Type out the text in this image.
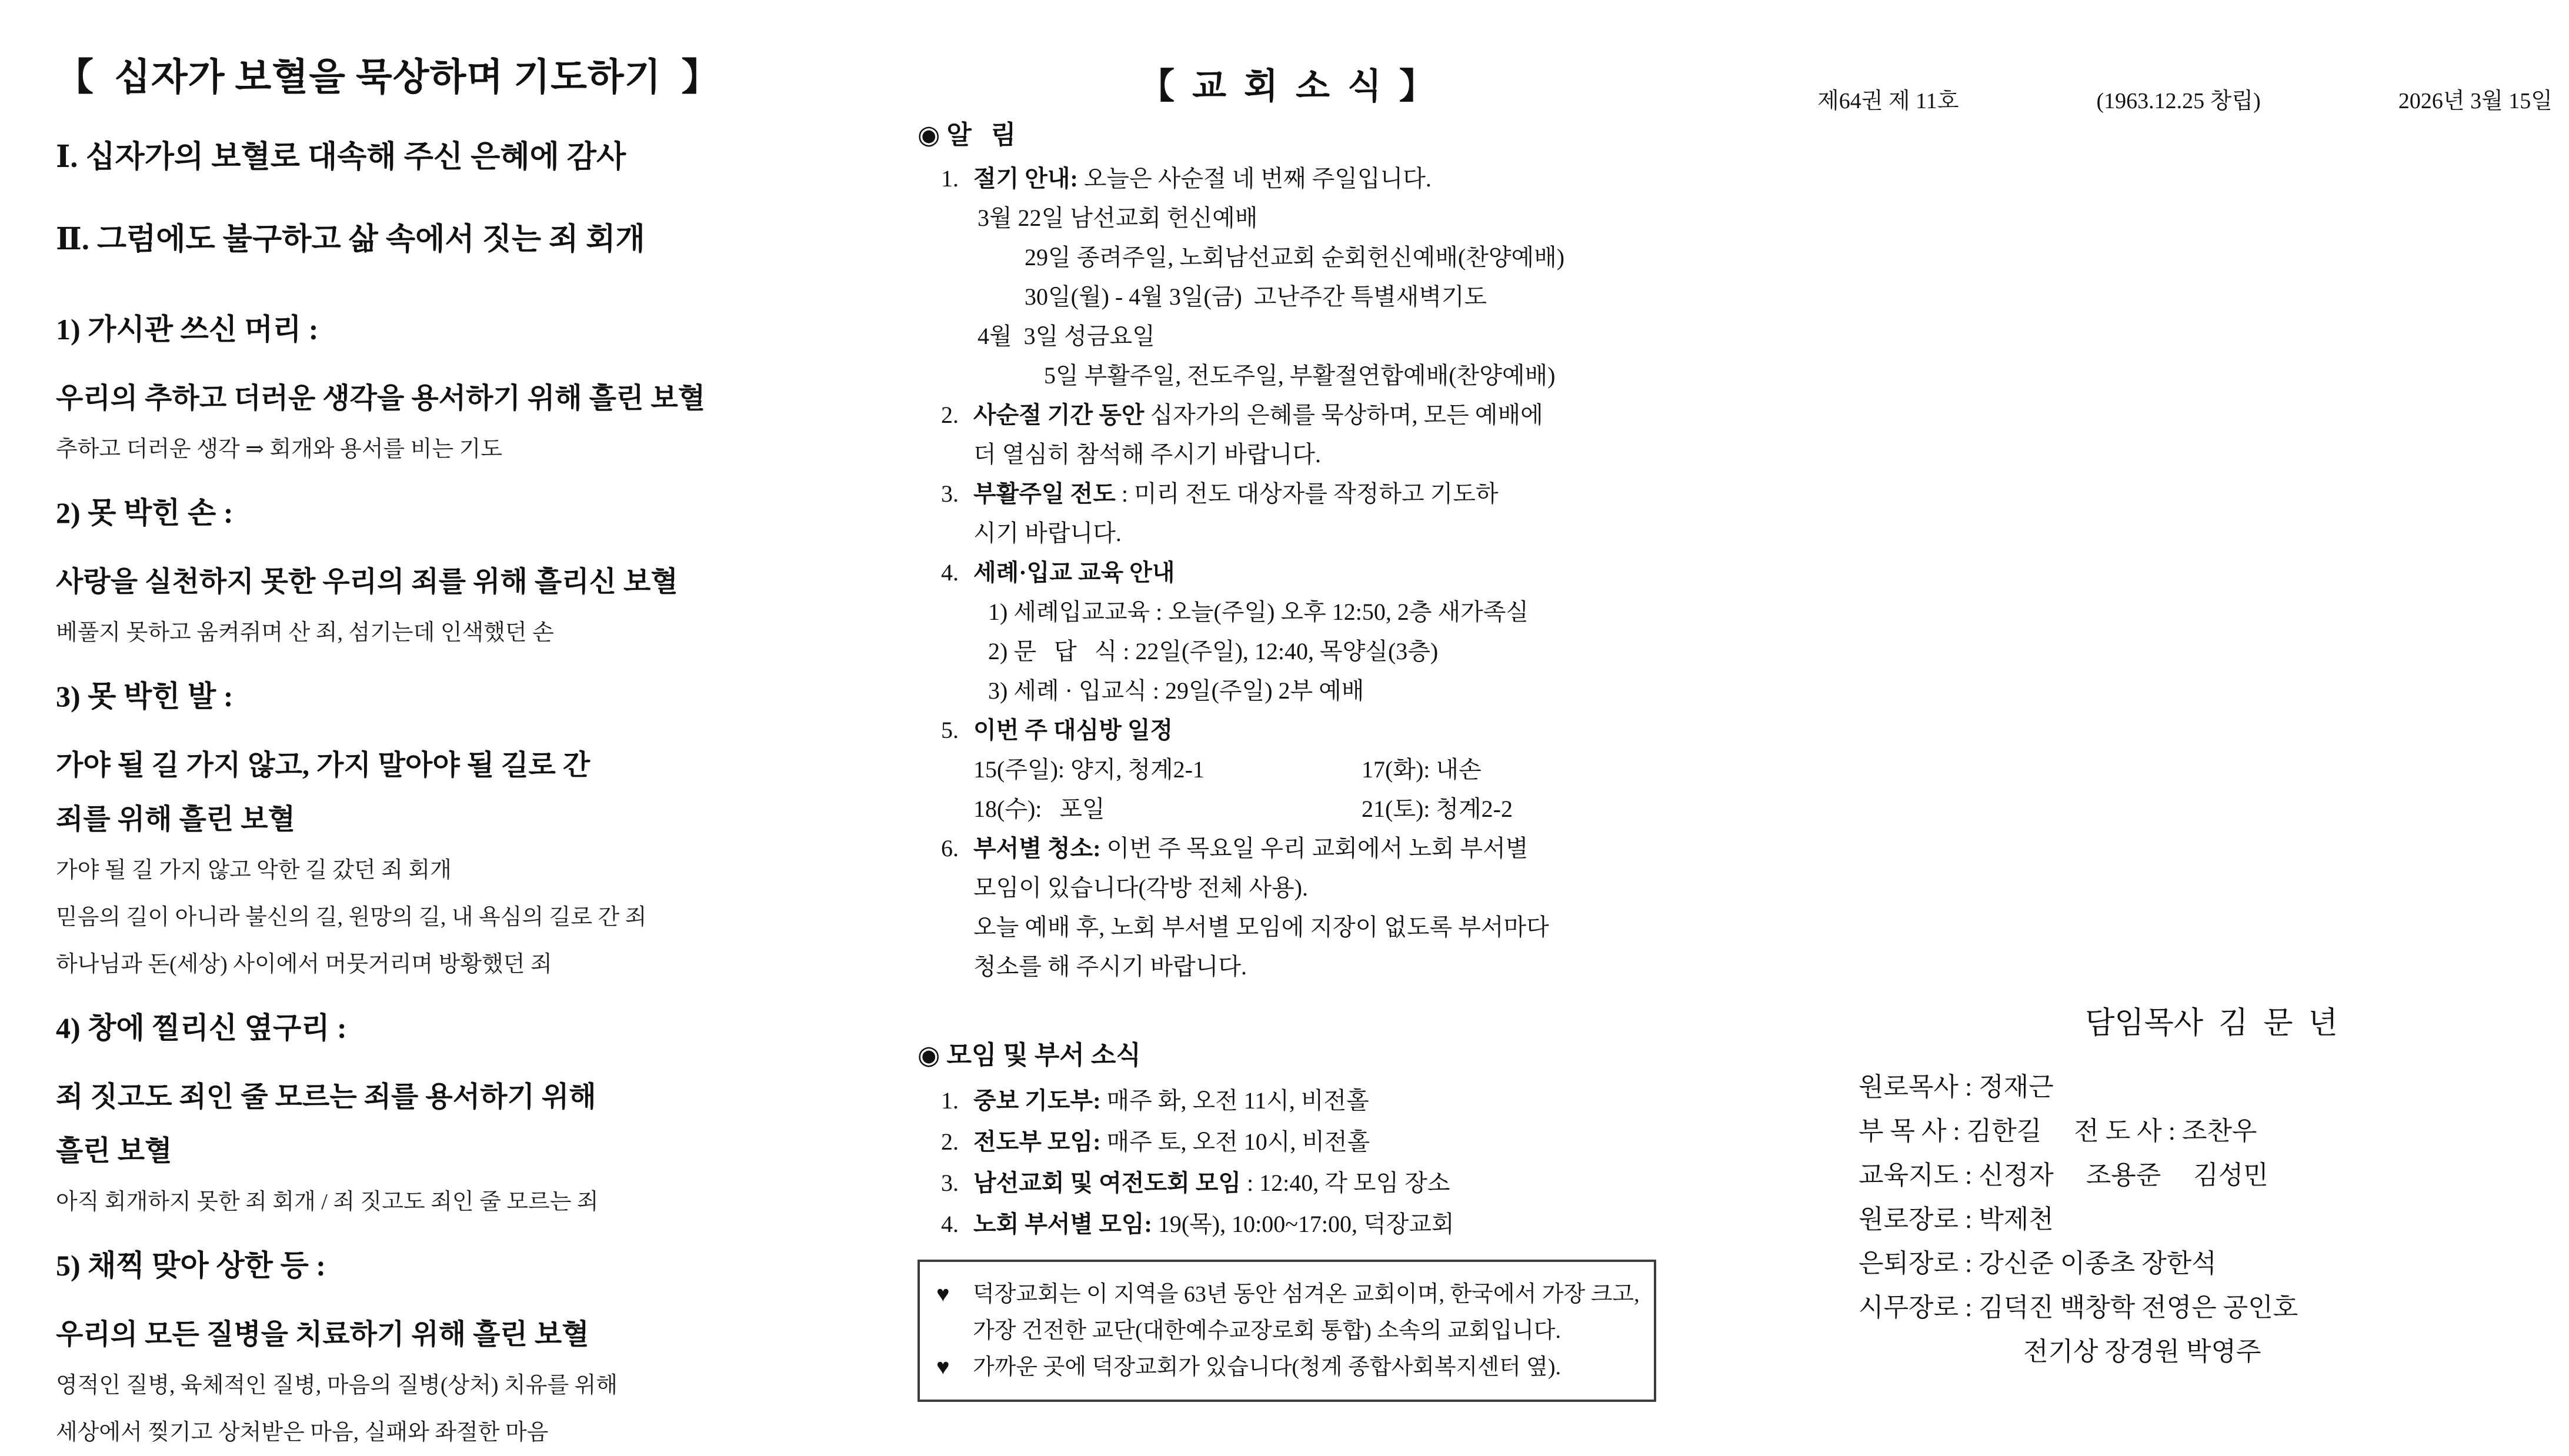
【  십자가 보혈을 묵상하며 기도하기  】
Ⅰ. 십자가의 보혈로 대속해 주신 은혜에 감사
Ⅱ. 그럼에도 불구하고 삶 속에서 짓는 죄 회개
1) 가시관 쓰신 머리 :
우리의 추하고 더러운 생각을 용서하기 위해 흘린 보혈
추하고 더러운 생각 ⇒ 회개와 용서를 비는 기도
2) 못 박힌 손 :
사랑을 실천하지 못한 우리의 죄를 위해 흘리신 보혈
베풀지 못하고 움켜쥐며 산 죄, 섬기는데 인색했던 손
3) 못 박힌 발 :
가야 될 길 가지 않고, 가지 말아야 될 길로 간
죄를 위해 흘린 보혈
가야 될 길 가지 않고 악한 길 갔던 죄 회개
믿음의 길이 아니라 불신의 길, 원망의 길, 내 욕심의 길로 간 죄
하나님과 돈(세상) 사이에서 머뭇거리며 방황했던 죄
4) 창에 찔리신 옆구리 :
죄 짓고도 죄인 줄 모르는 죄를 용서하기 위해
흘린 보혈
아직 회개하지 못한 죄 회개 / 죄 짓고도 죄인 줄 모르는 죄
5) 채찍 맞아 상한 등 :
우리의 모든 질병을 치료하기 위해 흘린 보혈
영적인 질병, 육체적인 질병, 마음의 질병(상처) 치유를 위해
세상에서 찢기고 상처받은 마음, 실패와 좌절한 마음
【  교  회  소  식  】
◉ 알   림
1. 절기 안내: 오늘은 사순절 네 번째 주일입니다.
3월 22일 남선교회 헌신예배
29일 종려주일, 노회남선교회 순회헌신예배(찬양예배)
30일(월) - 4월 3일(금)  고난주간 특별새벽기도
4월  3일 성금요일
5일 부활주일, 전도주일, 부활절연합예배(찬양예배)
2. 사순절 기간 동안 십자가의 은혜를 묵상하며, 모든 예배에
더 열심히 참석해 주시기 바랍니다.
3. 부활주일 전도 : 미리 전도 대상자를 작정하고 기도하
시기 바랍니다.
4. 세례·입교 교육 안내
1) 세례입교교육 : 오늘(주일) 오후 12:50, 2층 새가족실
2) 문   답   식 : 22일(주일), 12:40, 목양실(3층)
3) 세례 · 입교식 : 29일(주일) 2부 예배
5. 이번 주 대심방 일정
15(주일): 양지, 청계2-1	17(화): 내손
18(수):   포일	21(토): 청계2-2
6. 부서별 청소: 이번 주 목요일 우리 교회에서 노회 부서별
모임이 있습니다(각방 전체 사용).
오늘 예배 후, 노회 부서별 모임에 지장이 없도록 부서마다
청소를 해 주시기 바랍니다.
◉ 모임 및 부서 소식
1. 중보 기도부: 매주 화, 오전 11시, 비전홀
2. 전도부 모임: 매주 토, 오전 10시, 비전홀
3. 남선교회 및 여전도회 모임 : 12:40, 각 모임 장소
4. 노회 부서별 모임: 19(목), 10:00~17:00, 덕장교회
♥	덕장교회는 이 지역을 63년 동안 섬겨온 교회이며, 한국에서 가장 크고,
가장 건전한 교단(대한예수교장로회 통합) 소속의 교회입니다.
♥	가까운 곳에 덕장교회가 있습니다(청계 종합사회복지센터 옆).
제64권 제 11호	(1963.12.25 창립)	2026년 3월 15일
담임목사  김  문  년
원로목사 : 정재근
부 목 사 : 김한길     전 도 사 : 조찬우
교육지도 : 신정자     조용준     김성민
원로장로 : 박제천
은퇴장로 : 강신준 이종초 장한석
시무장로 : 김덕진 백창학 전영은 공인호
전기상 장경원 박영주
